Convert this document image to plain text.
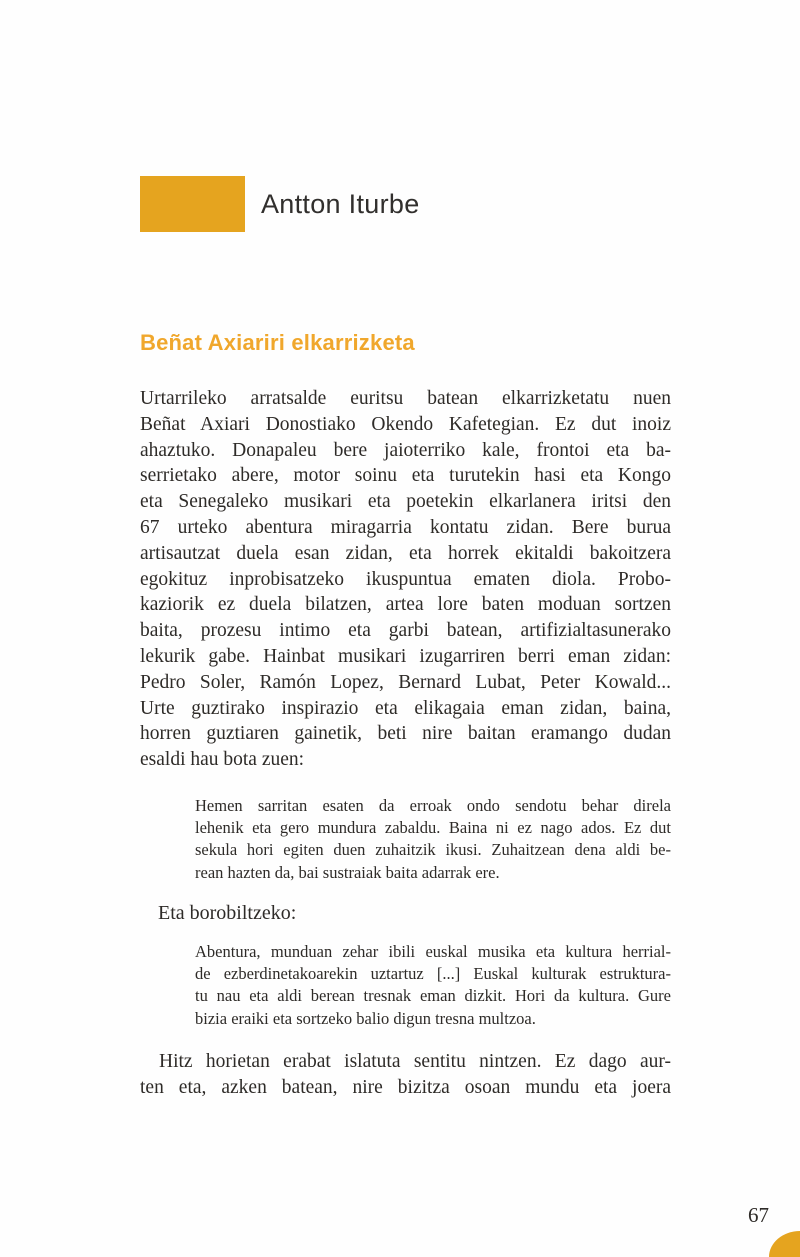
Antton Iturbe
Beñat Axiariri elkarrizketa
Urtarrileko arratsalde euritsu batean elkarrizketatu nuen
Beñat Axiari Donostiako Okendo Kafetegian. Ez dut inoiz
ahaztuko. Donapaleu bere jaioterriko kale, frontoi eta ba-
serrietako abere, motor soinu eta turutekin hasi eta Kongo
eta Senegaleko musikari eta poetekin elkarlanera iritsi den
67 urteko abentura miragarria kontatu zidan. Bere burua
artisautzat duela esan zidan, eta horrek ekitaldi bakoitzera
egokituz inprobisatzeko ikuspuntua ematen diola. Probo-
kaziorik ez duela bilatzen, artea lore baten moduan sortzen
baita, prozesu intimo eta garbi batean, artifizialtasunerako
lekurik gabe. Hainbat musikari izugarriren berri eman zidan:
Pedro Soler, Ramón Lopez, Bernard Lubat, Peter Kowald...
Urte guztirako inspirazio eta elikagaia eman zidan, baina,
horren guztiaren gainetik, beti nire baitan eramango dudan
esaldi hau bota zuen:
Hemen sarritan esaten da erroak ondo sendotu behar direla
lehenik eta gero mundura zabaldu. Baina ni ez nago ados. Ez dut
sekula hori egiten duen zuhaitzik ikusi. Zuhaitzean dena aldi be-
rean hazten da, bai sustraiak baita adarrak ere.

Eta borobiltzeko:

Abentura, munduan zehar ibili euskal musika eta kultura herrial-
de ezberdinetakoarekin uztartuz [...] Euskal kulturak estruktura-
tu nau eta aldi berean tresnak eman dizkit. Hori da kultura. Gure
bizia eraiki eta sortzeko balio digun tresna multzoa.
Hitz horietan erabat islatuta sentitu nintzen. Ez dago aur-
ten eta, azken batean, nire bizitza osoan mundu eta joera
67
